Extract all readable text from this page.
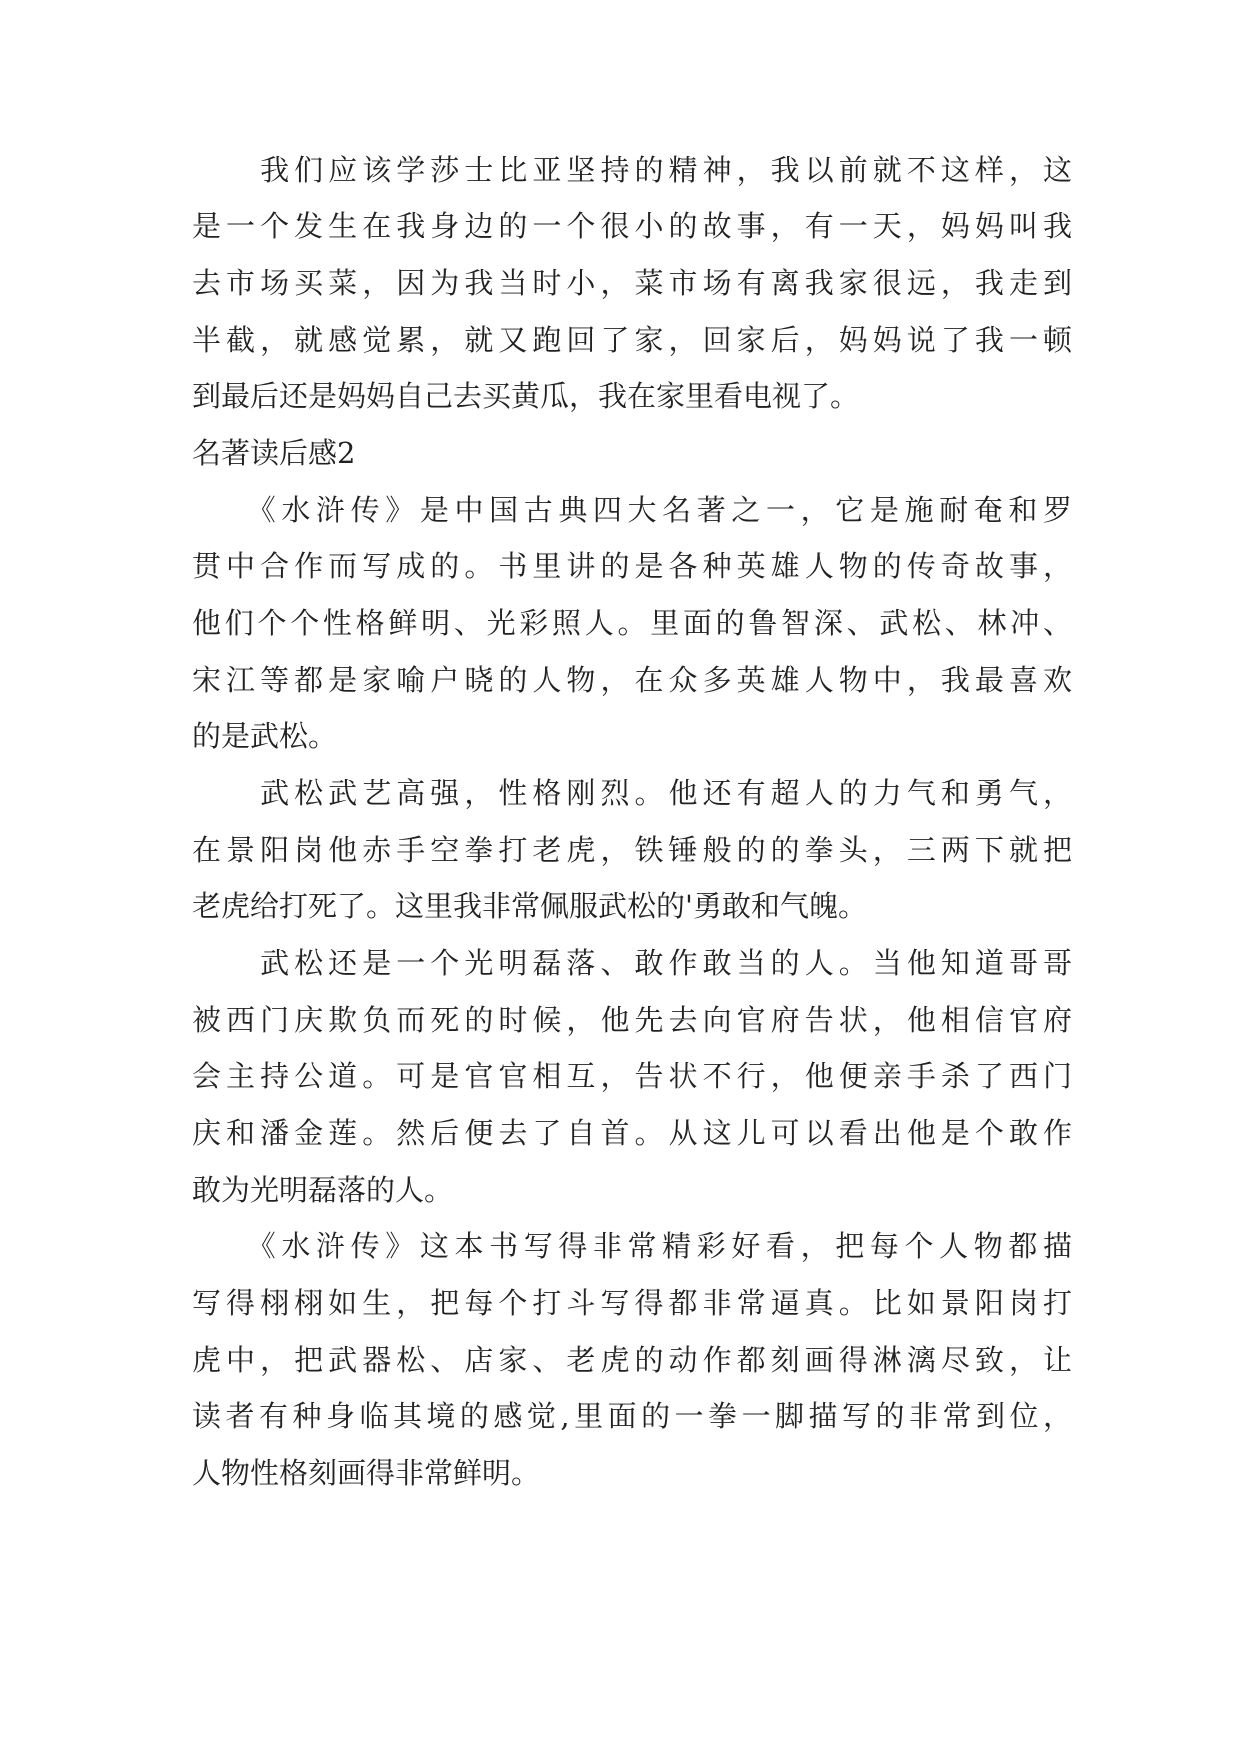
　　我们应该学莎士比亚坚持的精神，我以前就不这样，这

是一个发生在我身边的一个很小的故事，有一天，妈妈叫我

去市场买菜，因为我当时小，菜市场有离我家很远，我走到

半截，就感觉累，就又跑回了家，回家后，妈妈说了我一顿

到最后还是妈妈自己去买黄瓜，我在家里看电视了。

名著读后感2

　　《水浒传》是中国古典四大名著之一，它是施耐奄和罗

贯中合作而写成的。书里讲的是各种英雄人物的传奇故事，

他们个个性格鲜明、光彩照人。里面的鲁智深、武松、林冲、

宋江等都是家喻户晓的人物，在众多英雄人物中，我最喜欢

的是武松。

　　武松武艺高强，性格刚烈。他还有超人的力气和勇气，

在景阳岗他赤手空拳打老虎，铁锤般的的拳头，三两下就把

老虎给打死了。这里我非常佩服武松的'勇敢和气魄。

　　武松还是一个光明磊落、敢作敢当的人。当他知道哥哥

被西门庆欺负而死的时候，他先去向官府告状，他相信官府

会主持公道。可是官官相互，告状不行，他便亲手杀了西门

庆和潘金莲。然后便去了自首。从这儿可以看出他是个敢作

敢为光明磊落的人。

　　《水浒传》这本书写得非常精彩好看，把每个人物都描

写得栩栩如生，把每个打斗写得都非常逼真。比如景阳岗打

虎中，把武器松、店家、老虎的动作都刻画得淋漓尽致，让

读者有种身临其境的感觉,里面的一拳一脚描写的非常到位，

人物性格刻画得非常鲜明。
